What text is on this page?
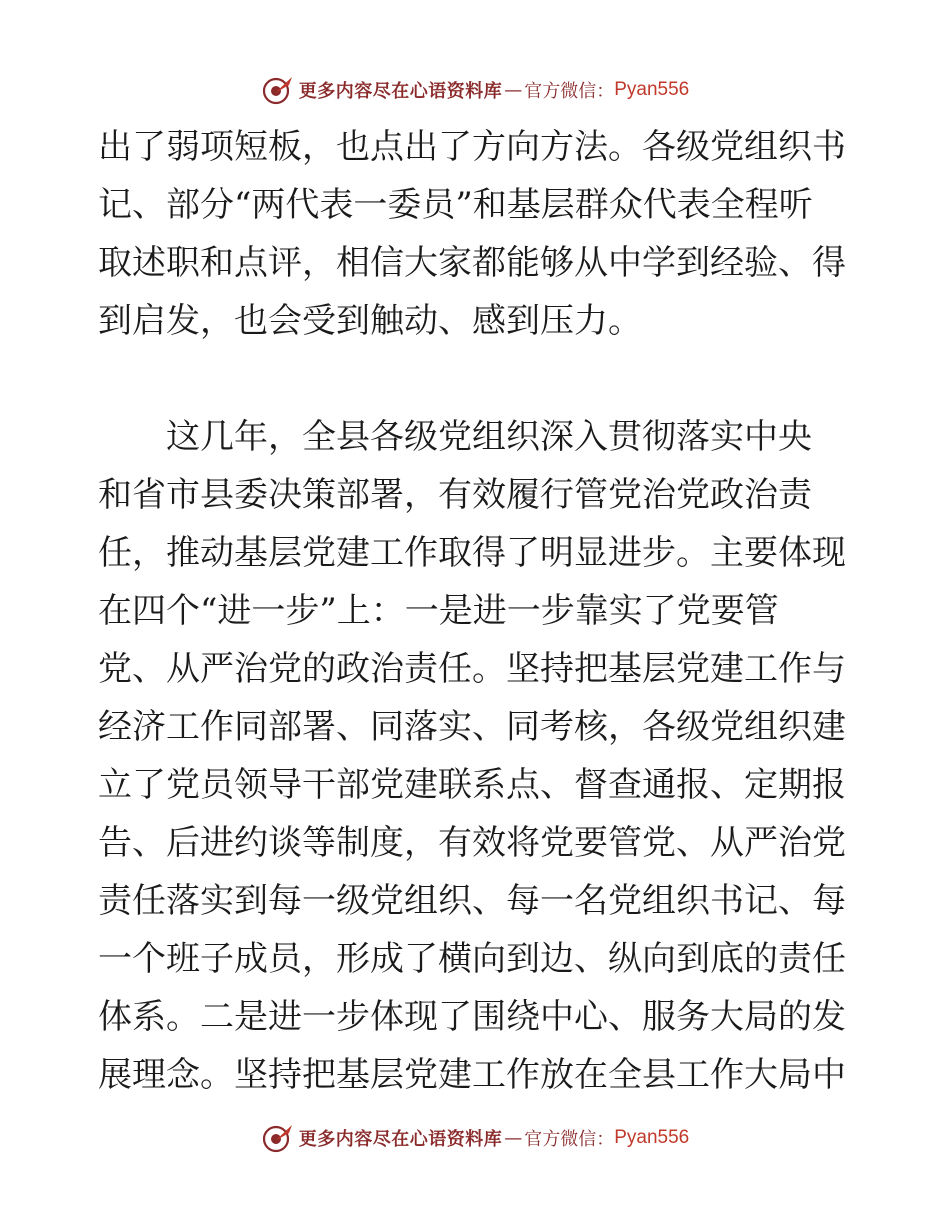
更多内容尽在心语资料库 — 官方微信： Pyan556
出了弱项短板，也点出了方向方法。各级党组织书
记、部分“两代表一委员”和基层群众代表全程听
取述职和点评，相信大家都能够从中学到经验、得
到启发，也会受到触动、感到压力。
　　这几年，全县各级党组织深入贯彻落实中央
和省市县委决策部署，有效履行管党治党政治责
任，推动基层党建工作取得了明显进步。主要体现
在四个“进一步”上：一是进一步靠实了党要管
党、从严治党的政治责任。坚持把基层党建工作与
经济工作同部署、同落实、同考核，各级党组织建
立了党员领导干部党建联系点、督查通报、定期报
告、后进约谈等制度，有效将党要管党、从严治党
责任落实到每一级党组织、每一名党组织书记、每
一个班子成员，形成了横向到边、纵向到底的责任
体系。二是进一步体现了围绕中心、服务大局的发
展理念。坚持把基层党建工作放在全县工作大局中
更多内容尽在心语资料库 — 官方微信： Pyan556
